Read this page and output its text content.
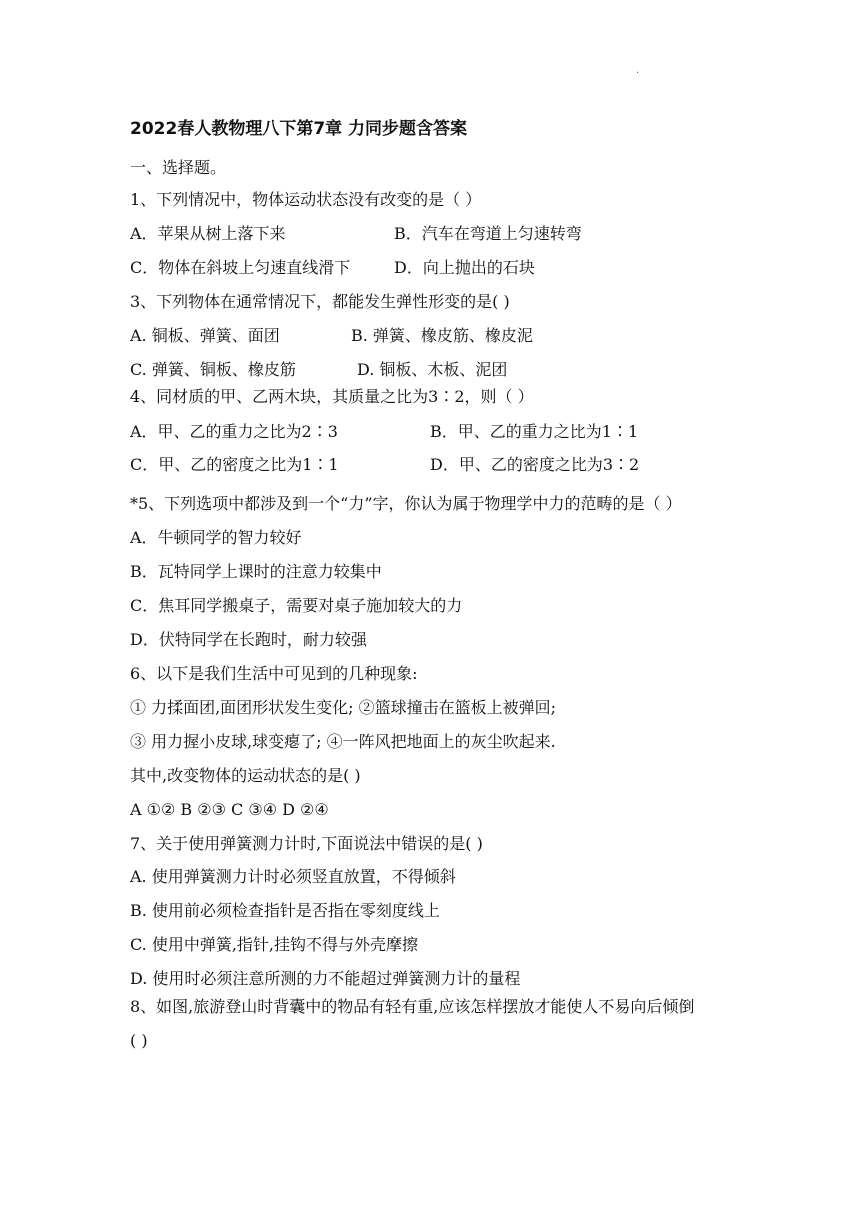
.
2022春人教物理八下第7章 力同步题含答案
一、选择题。
1、下列情况中，物体运动状态没有改变的是（ ）
A．苹果从树上落下来	B．汽车在弯道上匀速转弯
C．物体在斜坡上匀速直线滑下	D．向上抛出的石块
3、下列物体在通常情况下，都能发生弹性形变的是( )
A. 铜板、弹簧、面团	B. 弹簧、橡皮筋、橡皮泥
C. 弹簧、铜板、橡皮筋	D. 铜板、木板、泥团
4、同材质的甲、乙两木块，其质量之比为3∶2，则（ ）
A．甲、乙的重力之比为2∶3	B．甲、乙的重力之比为1∶1
C．甲、乙的密度之比为1∶1	D．甲、乙的密度之比为3∶2
*5、下列选项中都涉及到一个“力”字，你认为属于物理学中力的范畴的是（ ）
A．牛顿同学的智力较好
B．瓦特同学上课时的注意力较集中
C．焦耳同学搬桌子，需要对桌子施加较大的力
D．伏特同学在长跑时，耐力较强
6、以下是我们生活中可见到的几种现象:
① 力揉面团,面团形状发生变化; ②篮球撞击在篮板上被弹回;
③ 用力握小皮球,球变瘪了; ④一阵风把地面上的灰尘吹起来.
其中,改变物体的运动状态的是( )
A ①② B ②③ C ③④ D ②④
7、关于使用弹簧测力计时,下面说法中错误的是( )
A. 使用弹簧测力计时必须竖直放置，不得倾斜
B. 使用前必须检查指针是否指在零刻度线上
C. 使用中弹簧,指针,挂钩不得与外壳摩擦
D. 使用时必须注意所测的力不能超过弹簧测力计的量程
8、如图,旅游登山时背囊中的物品有轻有重,应该怎样摆放才能使人不易向后倾倒
( )
